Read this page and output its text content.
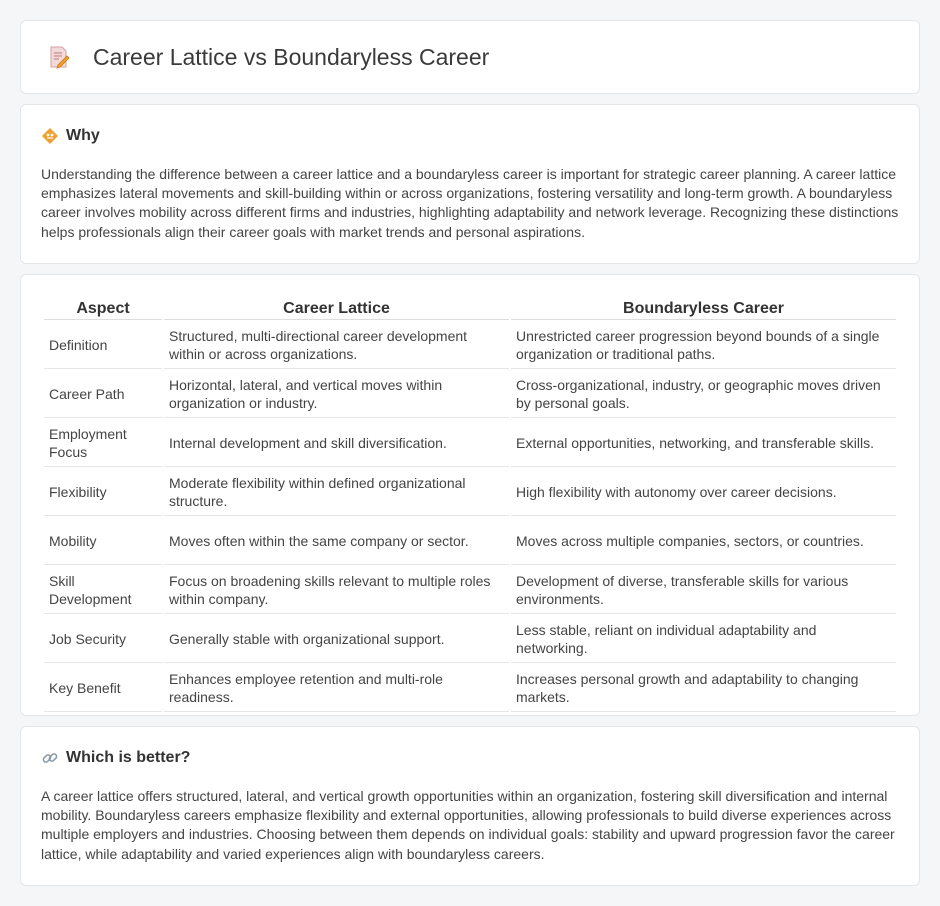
Career Lattice vs Boundaryless Career
Why

Understanding the difference between a career lattice and a boundaryless career is important for strategic career planning. A career lattice emphasizes lateral movements and skill-building within or across organizations, fostering versatility and long-term growth. A boundaryless career involves mobility across different firms and industries, highlighting adaptability and network leverage. Recognizing these distinctions helps professionals align their career goals with market trends and personal aspirations.

Aspect	Career Lattice	Boundaryless Career
Definition	Structured, multi-directional career development within or across organizations.	Unrestricted career progression beyond bounds of a single organization or traditional paths.
Career Path	Horizontal, lateral, and vertical moves within organization or industry.	Cross-organizational, industry, or geographic moves driven by personal goals.
Employment Focus	Internal development and skill diversification.	External opportunities, networking, and transferable skills.
Flexibility	Moderate flexibility within defined organizational structure.	High flexibility with autonomy over career decisions.
Mobility	Moves often within the same company or sector.	Moves across multiple companies, sectors, or countries.
Skill Development	Focus on broadening skills relevant to multiple roles within company.	Development of diverse, transferable skills for various environments.
Job Security	Generally stable with organizational support.	Less stable, reliant on individual adaptability and networking.
Key Benefit	Enhances employee retention and multi-role readiness.	Increases personal growth and adaptability to changing markets.
Which is better?

A career lattice offers structured, lateral, and vertical growth opportunities within an organization, fostering skill diversification and internal mobility. Boundaryless careers emphasize flexibility and external opportunities, allowing professionals to build diverse experiences across multiple employers and industries. Choosing between them depends on individual goals: stability and upward progression favor the career lattice, while adaptability and varied experiences align with boundaryless careers.
